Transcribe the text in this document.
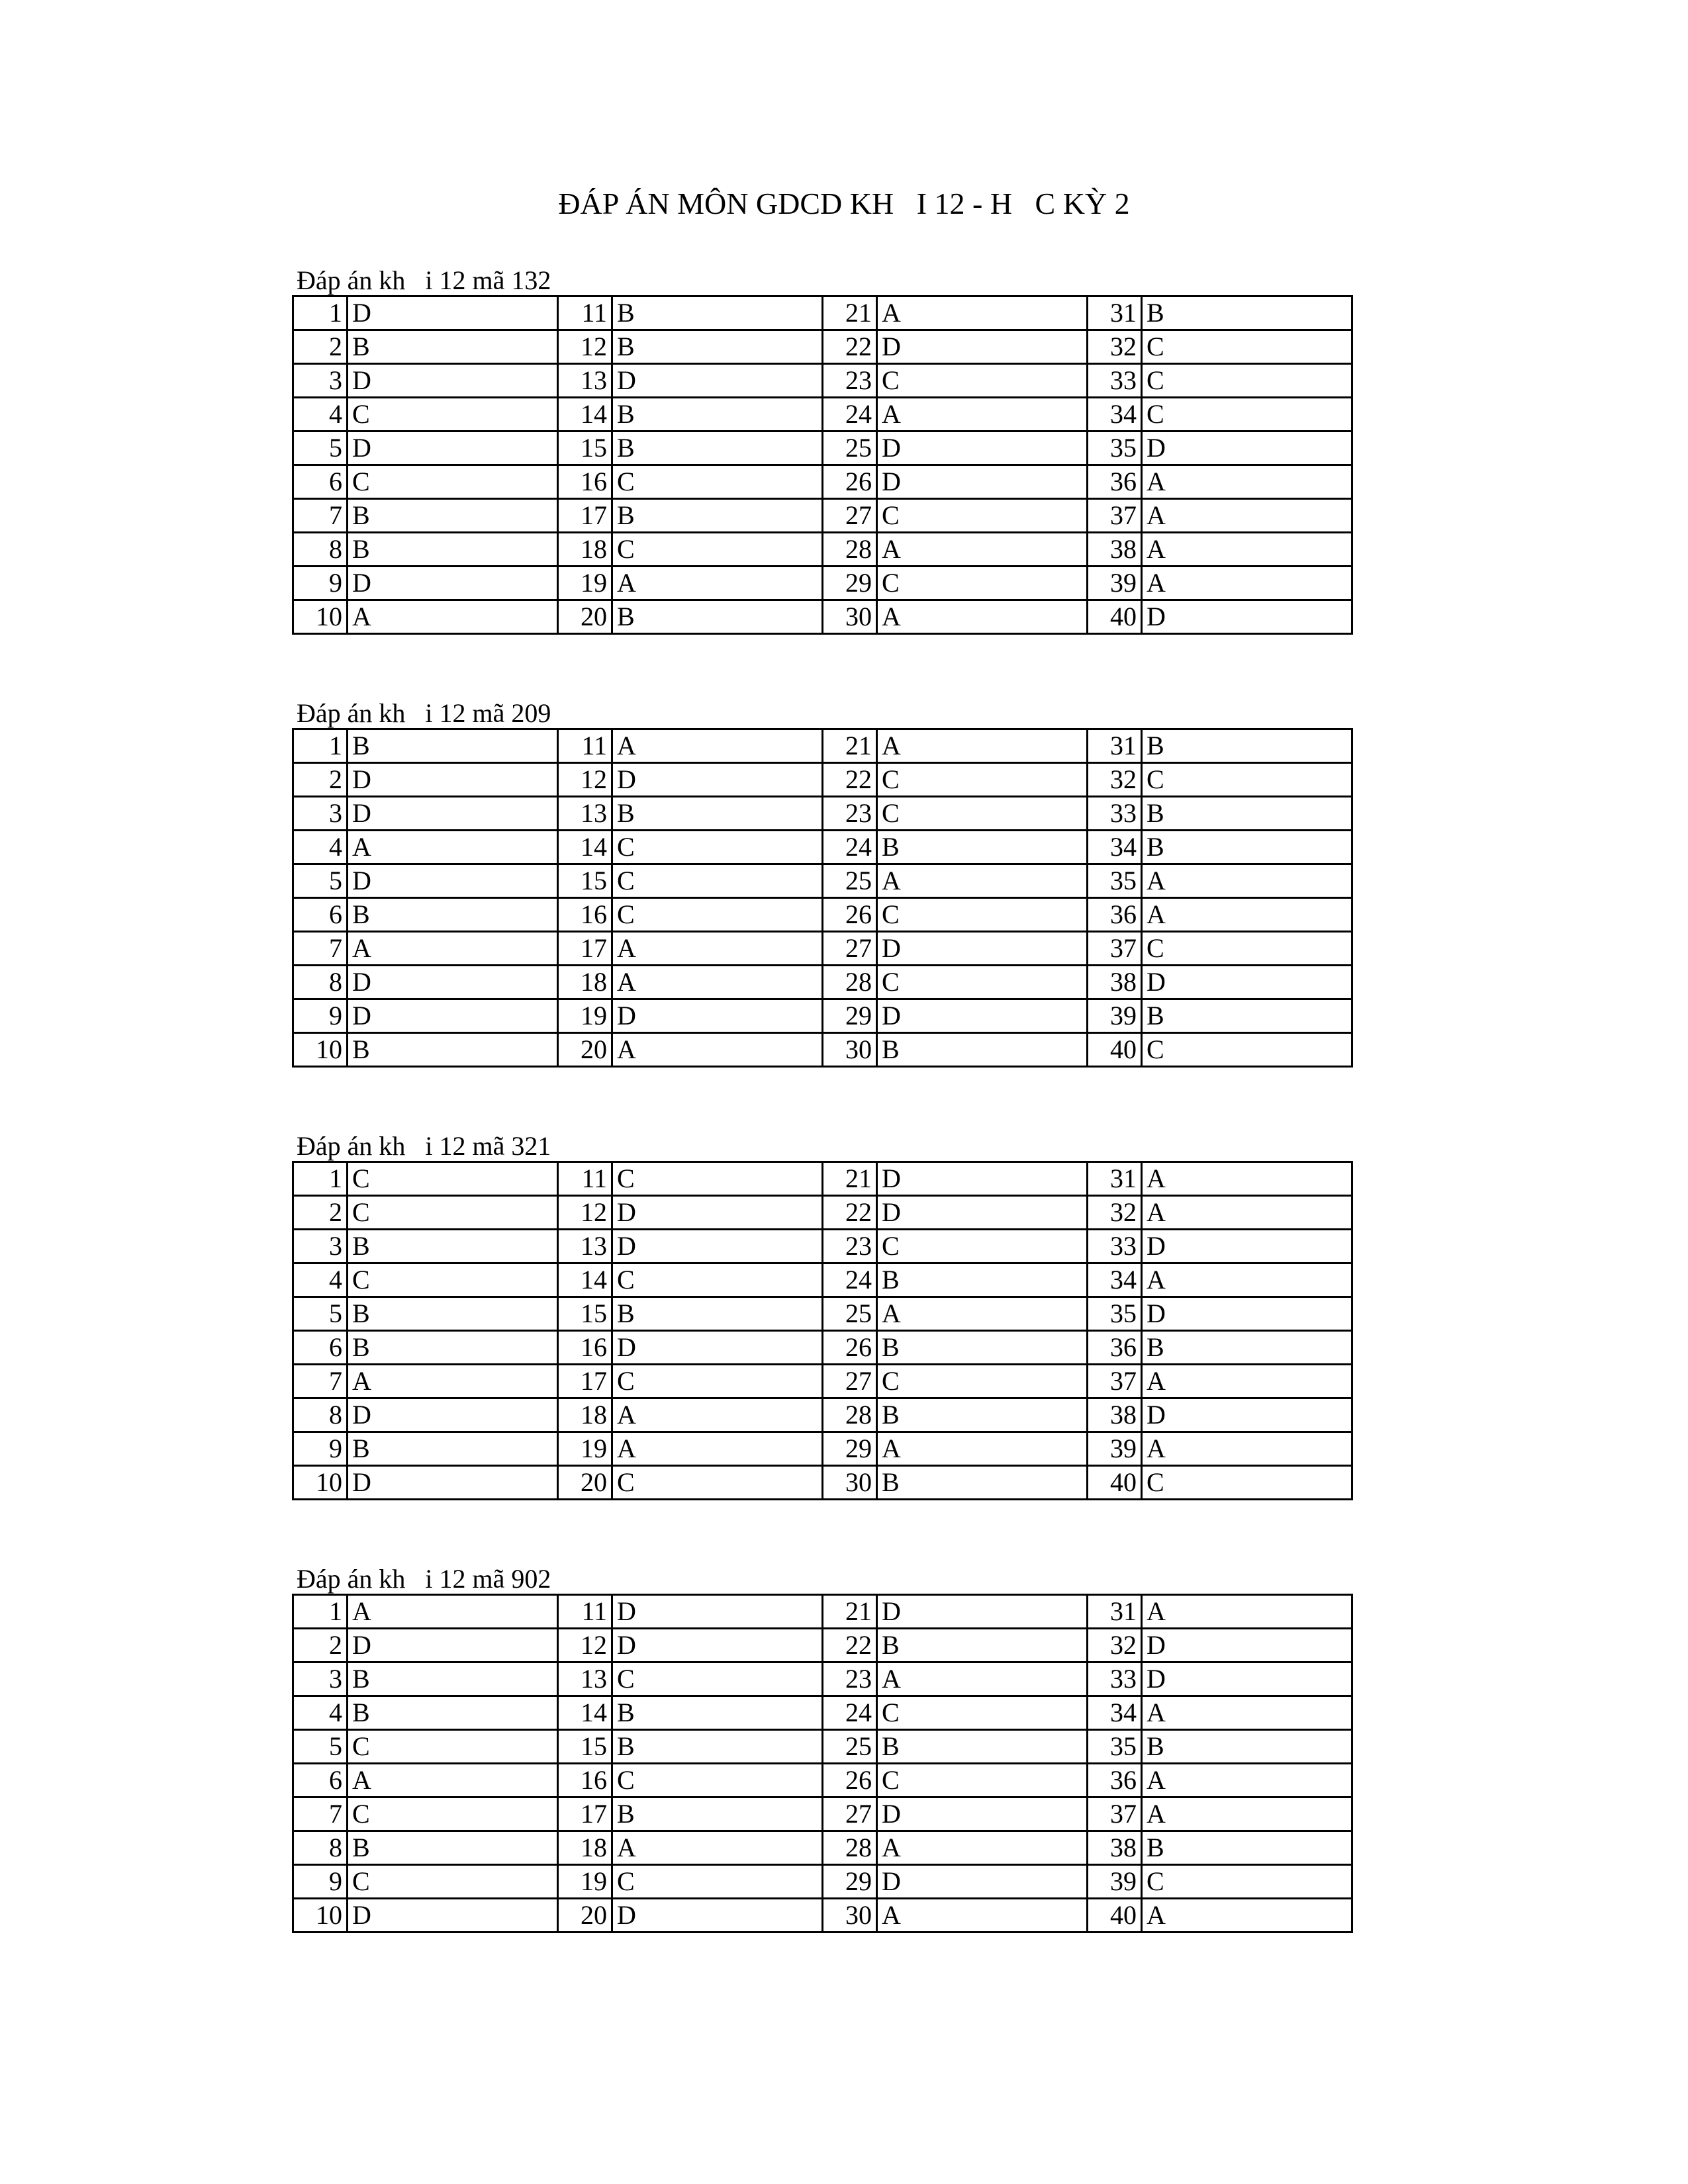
ĐÁP ÁN MÔN GDCD KH   I 12 - H   C KỲ 2
Đáp án kh   i 12 mã 132
1	D	11	B	21	A	31	B
2	B	12	B	22	D	32	C
3	D	13	D	23	C	33	C
4	C	14	B	24	A	34	C
5	D	15	B	25	D	35	D
6	C	16	C	26	D	36	A
7	B	17	B	27	C	37	A
8	B	18	C	28	A	38	A
9	D	19	A	29	C	39	A
10	A	20	B	30	A	40	D
Đáp án kh   i 12 mã 209
1	B	11	A	21	A	31	B
2	D	12	D	22	C	32	C
3	D	13	B	23	C	33	B
4	A	14	C	24	B	34	B
5	D	15	C	25	A	35	A
6	B	16	C	26	C	36	A
7	A	17	A	27	D	37	C
8	D	18	A	28	C	38	D
9	D	19	D	29	D	39	B
10	B	20	A	30	B	40	C
Đáp án kh   i 12 mã 321
1	C	11	C	21	D	31	A
2	C	12	D	22	D	32	A
3	B	13	D	23	C	33	D
4	C	14	C	24	B	34	A
5	B	15	B	25	A	35	D
6	B	16	D	26	B	36	B
7	A	17	C	27	C	37	A
8	D	18	A	28	B	38	D
9	B	19	A	29	A	39	A
10	D	20	C	30	B	40	C
Đáp án kh   i 12 mã 902
1	A	11	D	21	D	31	A
2	D	12	D	22	B	32	D
3	B	13	C	23	A	33	D
4	B	14	B	24	C	34	A
5	C	15	B	25	B	35	B
6	A	16	C	26	C	36	A
7	C	17	B	27	D	37	A
8	B	18	A	28	A	38	B
9	C	19	C	29	D	39	C
10	D	20	D	30	A	40	A
